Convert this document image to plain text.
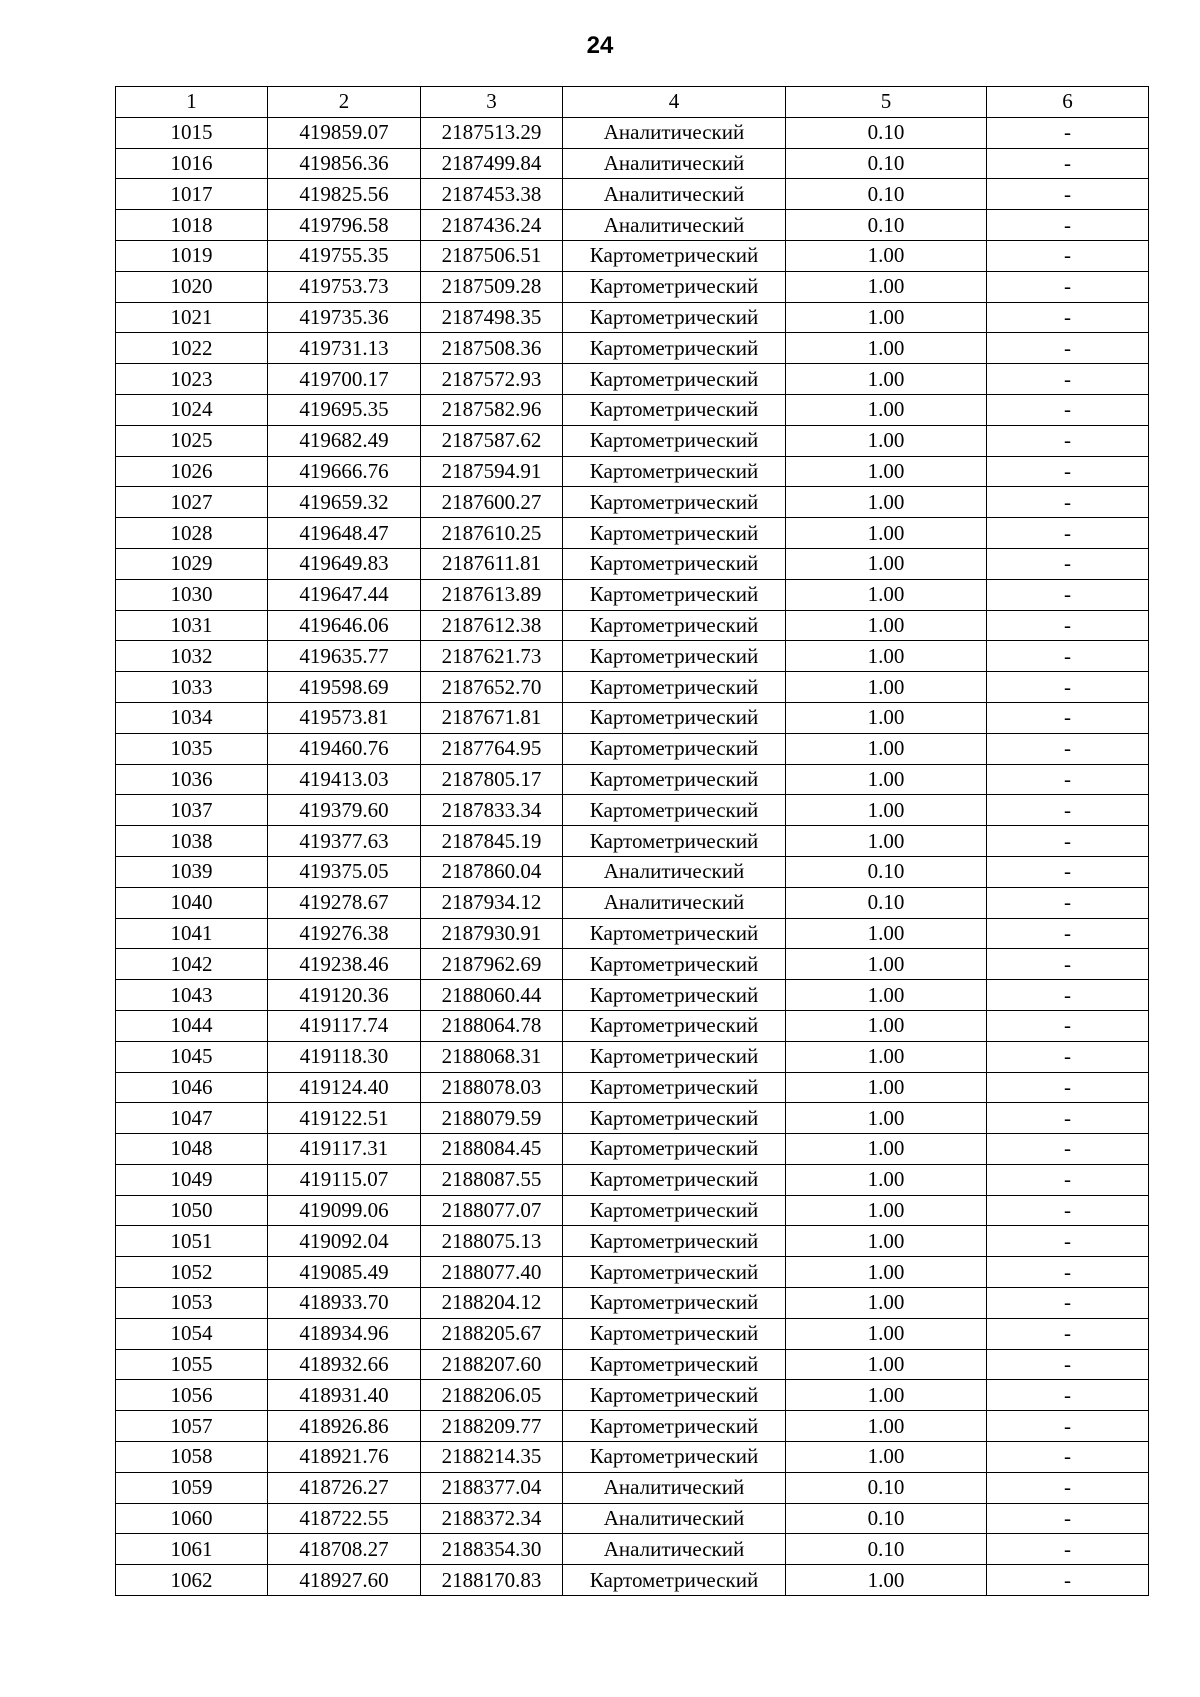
24
1	2	3	4	5	6
1015	419859.07	2187513.29	Аналитический	0.10	-
1016	419856.36	2187499.84	Аналитический	0.10	-
1017	419825.56	2187453.38	Аналитический	0.10	-
1018	419796.58	2187436.24	Аналитический	0.10	-
1019	419755.35	2187506.51	Картометрический	1.00	-
1020	419753.73	2187509.28	Картометрический	1.00	-
1021	419735.36	2187498.35	Картометрический	1.00	-
1022	419731.13	2187508.36	Картометрический	1.00	-
1023	419700.17	2187572.93	Картометрический	1.00	-
1024	419695.35	2187582.96	Картометрический	1.00	-
1025	419682.49	2187587.62	Картометрический	1.00	-
1026	419666.76	2187594.91	Картометрический	1.00	-
1027	419659.32	2187600.27	Картометрический	1.00	-
1028	419648.47	2187610.25	Картометрический	1.00	-
1029	419649.83	2187611.81	Картометрический	1.00	-
1030	419647.44	2187613.89	Картометрический	1.00	-
1031	419646.06	2187612.38	Картометрический	1.00	-
1032	419635.77	2187621.73	Картометрический	1.00	-
1033	419598.69	2187652.70	Картометрический	1.00	-
1034	419573.81	2187671.81	Картометрический	1.00	-
1035	419460.76	2187764.95	Картометрический	1.00	-
1036	419413.03	2187805.17	Картометрический	1.00	-
1037	419379.60	2187833.34	Картометрический	1.00	-
1038	419377.63	2187845.19	Картометрический	1.00	-
1039	419375.05	2187860.04	Аналитический	0.10	-
1040	419278.67	2187934.12	Аналитический	0.10	-
1041	419276.38	2187930.91	Картометрический	1.00	-
1042	419238.46	2187962.69	Картометрический	1.00	-
1043	419120.36	2188060.44	Картометрический	1.00	-
1044	419117.74	2188064.78	Картометрический	1.00	-
1045	419118.30	2188068.31	Картометрический	1.00	-
1046	419124.40	2188078.03	Картометрический	1.00	-
1047	419122.51	2188079.59	Картометрический	1.00	-
1048	419117.31	2188084.45	Картометрический	1.00	-
1049	419115.07	2188087.55	Картометрический	1.00	-
1050	419099.06	2188077.07	Картометрический	1.00	-
1051	419092.04	2188075.13	Картометрический	1.00	-
1052	419085.49	2188077.40	Картометрический	1.00	-
1053	418933.70	2188204.12	Картометрический	1.00	-
1054	418934.96	2188205.67	Картометрический	1.00	-
1055	418932.66	2188207.60	Картометрический	1.00	-
1056	418931.40	2188206.05	Картометрический	1.00	-
1057	418926.86	2188209.77	Картометрический	1.00	-
1058	418921.76	2188214.35	Картометрический	1.00	-
1059	418726.27	2188377.04	Аналитический	0.10	-
1060	418722.55	2188372.34	Аналитический	0.10	-
1061	418708.27	2188354.30	Аналитический	0.10	-
1062	418927.60	2188170.83	Картометрический	1.00	-
